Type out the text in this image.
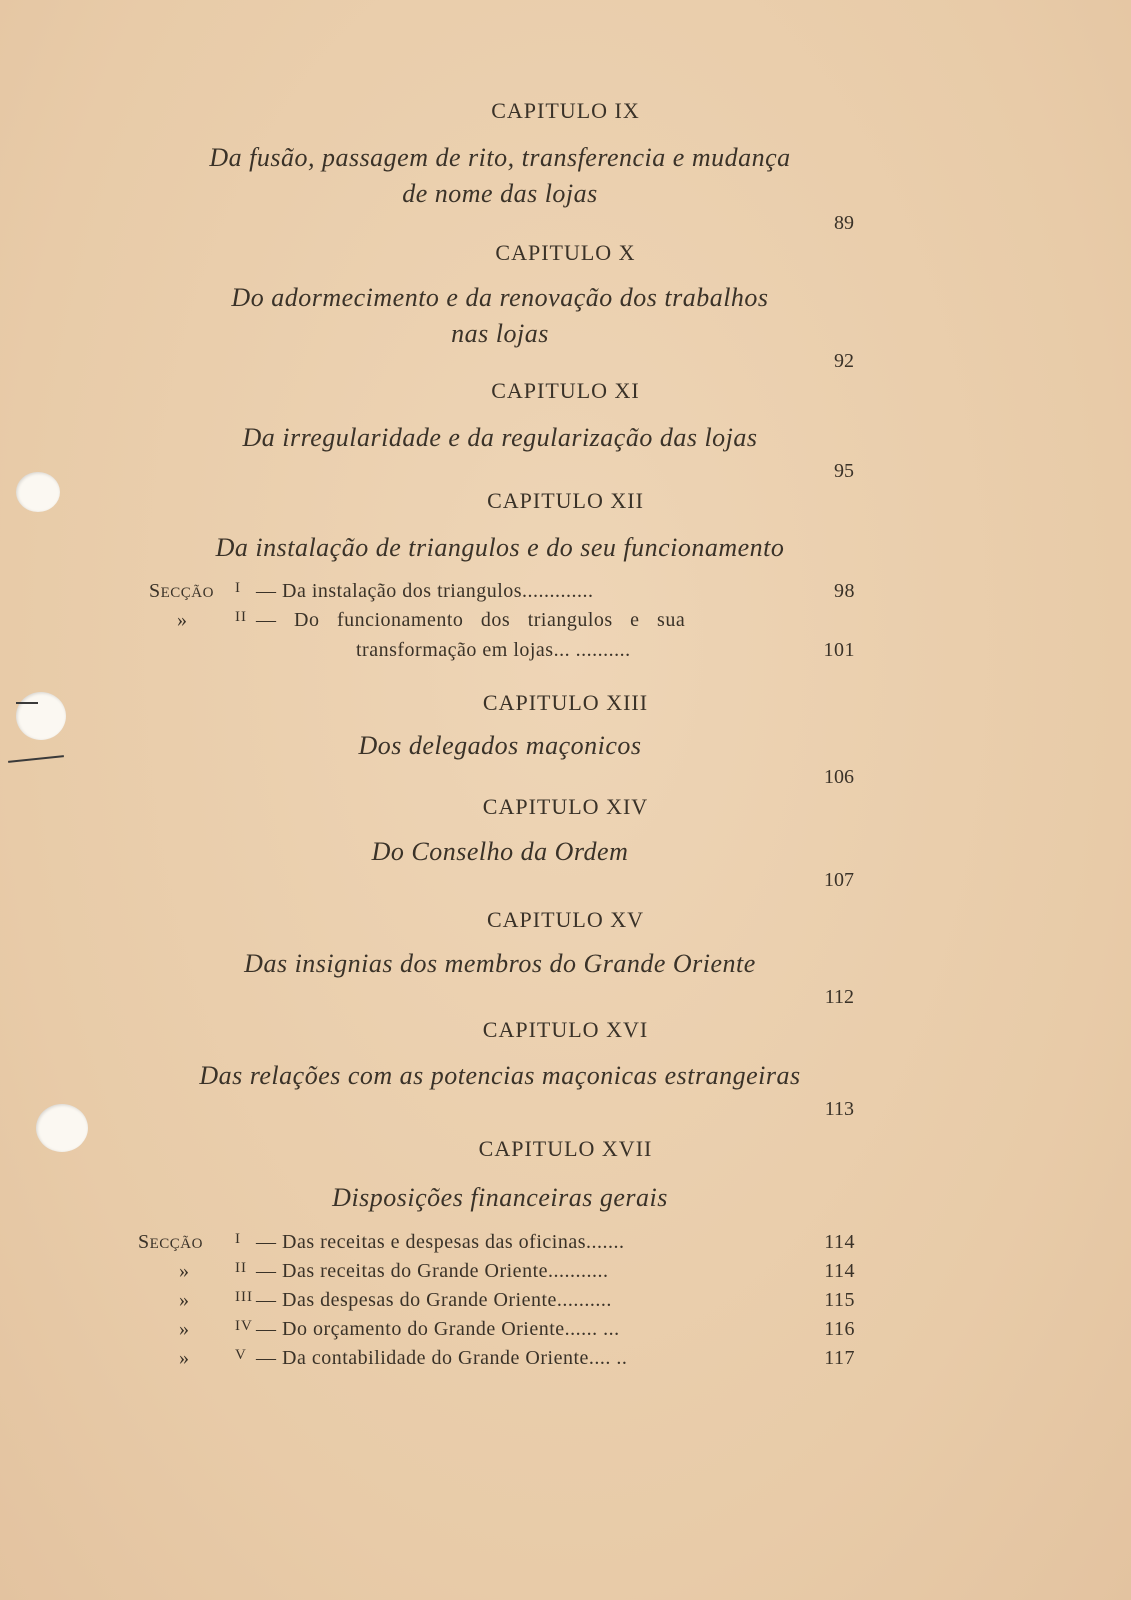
CAPITULO IX
Da fusão, passagem de rito, transferencia e mudança
de nome das lojas
89
CAPITULO X
Do adormecimento e da renovação dos trabalhos
nas lojas
92
CAPITULO XI
Da irregularidade e da regularização das lojas
95
CAPITULO XII
Da instalação de triangulos e do seu funcionamento
SECÇÃO I — Da instalação dos triangulos.............	98
»	II — Do funcionamento dos triangulos e sua
transformação em lojas... ..........	101
CAPITULO XIII
Dos delegados maçonicos
106
CAPITULO XIV
Do Conselho da Ordem
107
CAPITULO XV
Das insignias dos membros do Grande Oriente
112
CAPITULO XVI
Das relações com as potencias maçonicas estrangeiras
113
CAPITULO XVII
Disposições financeiras gerais
SECÇÃO I — Das receitas e despesas das oficinas.......	114
»	II — Das receitas do Grande Oriente...........	114
»	III — Das despesas do Grande Oriente..........	115
»	IV — Do orçamento do Grande Oriente...... ...	116
»	V — Da contabilidade do Grande Oriente.... ..	117
